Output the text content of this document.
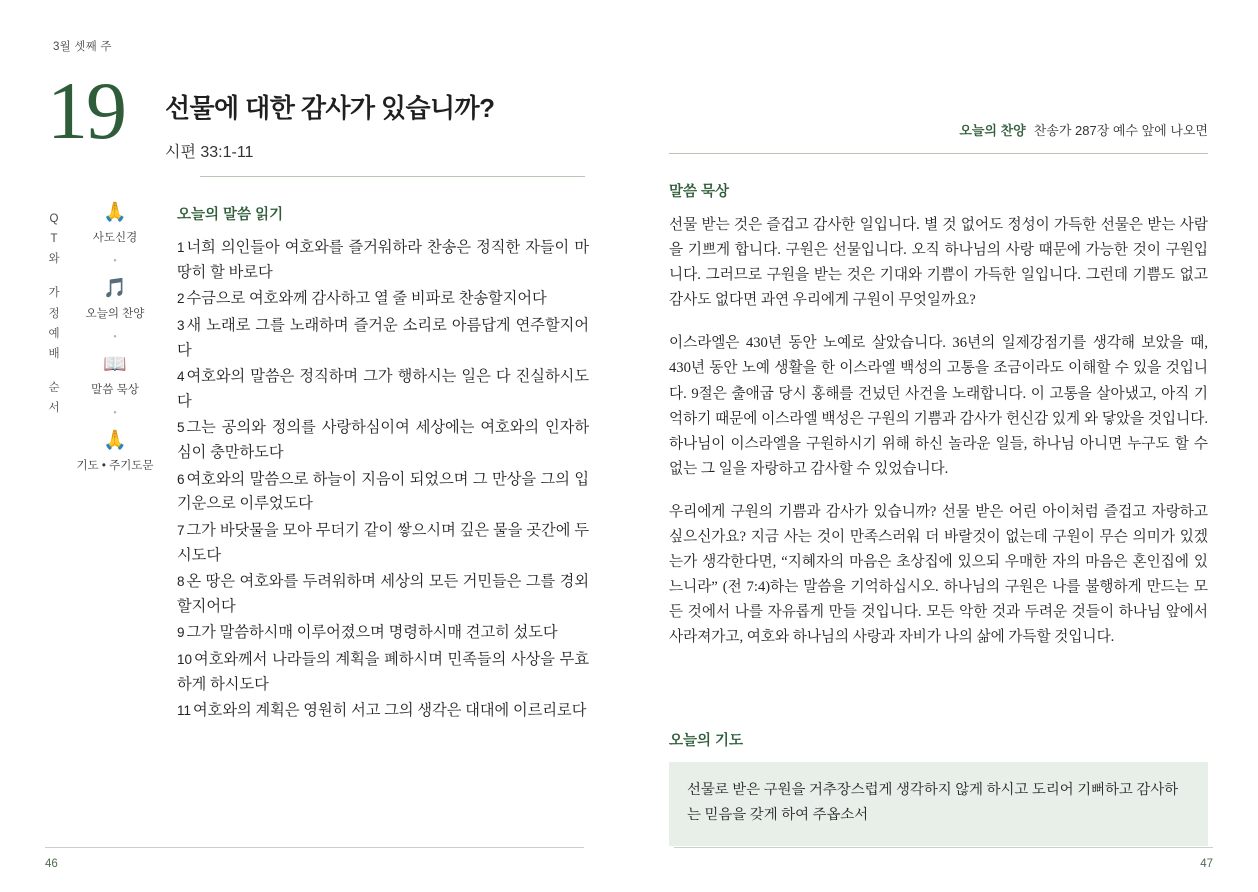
3월 셋째 주
19	선물에 대한 감사가 있습니까?

시편 33:1-11

Q
T
와
가
정
예
배
순
서
🙏
사도신경
•
🎵
오늘의 찬양
•
📖
말씀 묵상
•
🙏
기도 • 주기도문
오늘의 말씀 읽기

1 너희 의인들아 여호와를 즐거워하라 찬송은 정직한 자들이 마땅히 할 바로다

2 수금으로 여호와께 감사하고 열 줄 비파로 찬송할지어다

3 새 노래로 그를 노래하며 즐거운 소리로 아름답게 연주할지어다

4 여호와의 말씀은 정직하며 그가 행하시는 일은 다 진실하시도다

5 그는 공의와 정의를 사랑하심이여 세상에는 여호와의 인자하심이 충만하도다

6 여호와의 말씀으로 하늘이 지음이 되었으며 그 만상을 그의 입 기운으로 이루었도다

7 그가 바닷물을 모아 무더기 같이 쌓으시며 깊은 물을 곳간에 두시도다

8 온 땅은 여호와를 두려워하며 세상의 모든 거민들은 그를 경외할지어다

9 그가 말씀하시매 이루어졌으며 명령하시매 견고히 섰도다

10 여호와께서 나라들의 계획을 폐하시며 민족들의 사상을 무효하게 하시도다

11 여호와의 계획은 영원히 서고 그의 생각은 대대에 이르리로다

46
오늘의 찬양 찬송가 287장 예수 앞에 나오면
말씀 묵상

선물 받는 것은 즐겁고 감사한 일입니다. 별 것 없어도 정성이 가득한 선물은 받는 사람을 기쁘게 합니다. 구원은 선물입니다. 오직 하나님의 사랑 때문에 가능한 것이 구원입니다. 그러므로 구원을 받는 것은 기대와 기쁨이 가득한 일입니다. 그런데 기쁨도 없고 감사도 없다면 과연 우리에게 구원이 무엇일까요?

이스라엘은 430년 동안 노예로 살았습니다. 36년의 일제강점기를 생각해 보았을 때, 430년 동안 노예 생활을 한 이스라엘 백성의 고통을 조금이라도 이해할 수 있을 것입니다. 9절은 출애굽 당시 홍해를 건넜던 사건을 노래합니다. 이 고통을 살아냈고, 아직 기억하기 때문에 이스라엘 백성은 구원의 기쁨과 감사가 헌신감 있게 와 닿았을 것입니다. 하나님이 이스라엘을 구원하시기 위해 하신 놀라운 일들, 하나님 아니면 누구도 할 수 없는 그 일을 자랑하고 감사할 수 있었습니다.

우리에게 구원의 기쁨과 감사가 있습니까? 선물 받은 어린 아이처럼 즐겁고 자랑하고 싶으신가요? 지금 사는 것이 만족스러워 더 바랄것이 없는데 구원이 무슨 의미가 있겠는가 생각한다면, “지혜자의 마음은 초상집에 있으되 우매한 자의 마음은 혼인집에 있느니라” (전 7:4)하는 말씀을 기억하십시오. 하나님의 구원은 나를 불행하게 만드는 모든 것에서 나를 자유롭게 만들 것입니다. 모든 악한 것과 두려운 것들이 하나님 앞에서 사라져가고, 여호와 하나님의 사랑과 자비가 나의 삶에 가득할 것입니다.

오늘의 기도
선물로 받은 구원을 거추장스럽게 생각하지 않게 하시고 도리어 기뻐하고 감사하는 믿음을 갖게 하여 주옵소서
47
